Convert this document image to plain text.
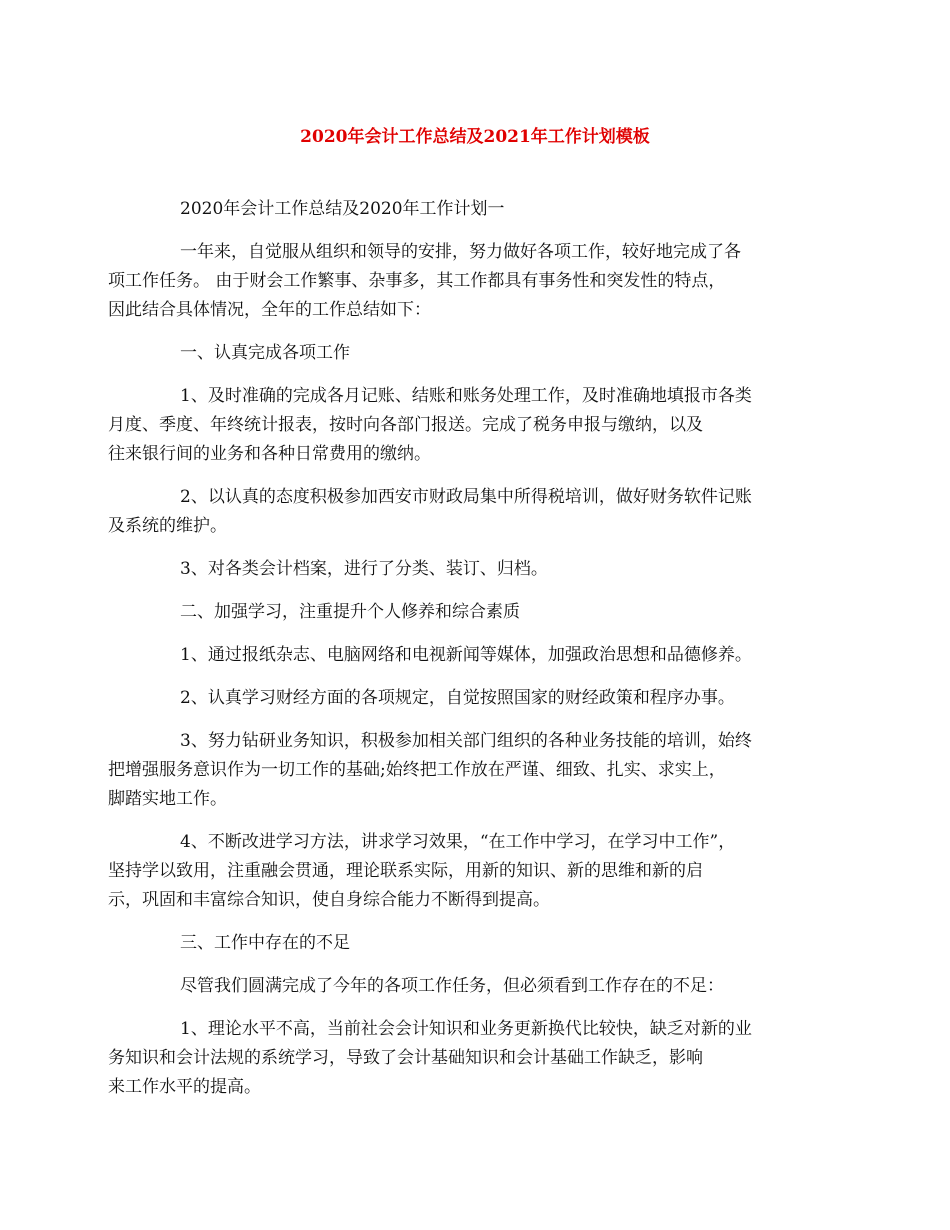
2020年会计工作总结及2021年工作计划模板

2020年会计工作总结及2020年工作计划一

一年来，自觉服从组织和领导的安排，努力做好各项工作，较好地完成了各
项工作任务。 由于财会工作繁事、杂事多，其工作都具有事务性和突发性的特点，
因此结合具体情况，全年的工作总结如下：

一、认真完成各项工作

1、及时准确的完成各月记账、结账和账务处理工作，及时准确地填报市各类
月度、季度、年终统计报表，按时向各部门报送。完成了税务申报与缴纳，以及
往来银行间的业务和各种日常费用的缴纳。

2、以认真的态度积极参加西安市财政局集中所得税培训，做好财务软件记账
及系统的维护。

3、对各类会计档案，进行了分类、装订、归档。

二、加强学习，注重提升个人修养和综合素质

1、通过报纸杂志、电脑网络和电视新闻等媒体，加强政治思想和品德修养。

2、认真学习财经方面的各项规定，自觉按照国家的财经政策和程序办事。

3、努力钻研业务知识，积极参加相关部门组织的各种业务技能的培训，始终
把增强服务意识作为一切工作的基础;始终把工作放在严谨、细致、扎实、求实上，
脚踏实地工作。

4、不断改进学习方法，讲求学习效果，“在工作中学习，在学习中工作”，
坚持学以致用，注重融会贯通，理论联系实际，用新的知识、新的思维和新的启
示，巩固和丰富综合知识，使自身综合能力不断得到提高。

三、工作中存在的不足

尽管我们圆满完成了今年的各项工作任务，但必须看到工作存在的不足：

1、理论水平不高，当前社会会计知识和业务更新换代比较快，缺乏对新的业
务知识和会计法规的系统学习，导致了会计基础知识和会计基础工作缺乏，影响
来工作水平的提高。
